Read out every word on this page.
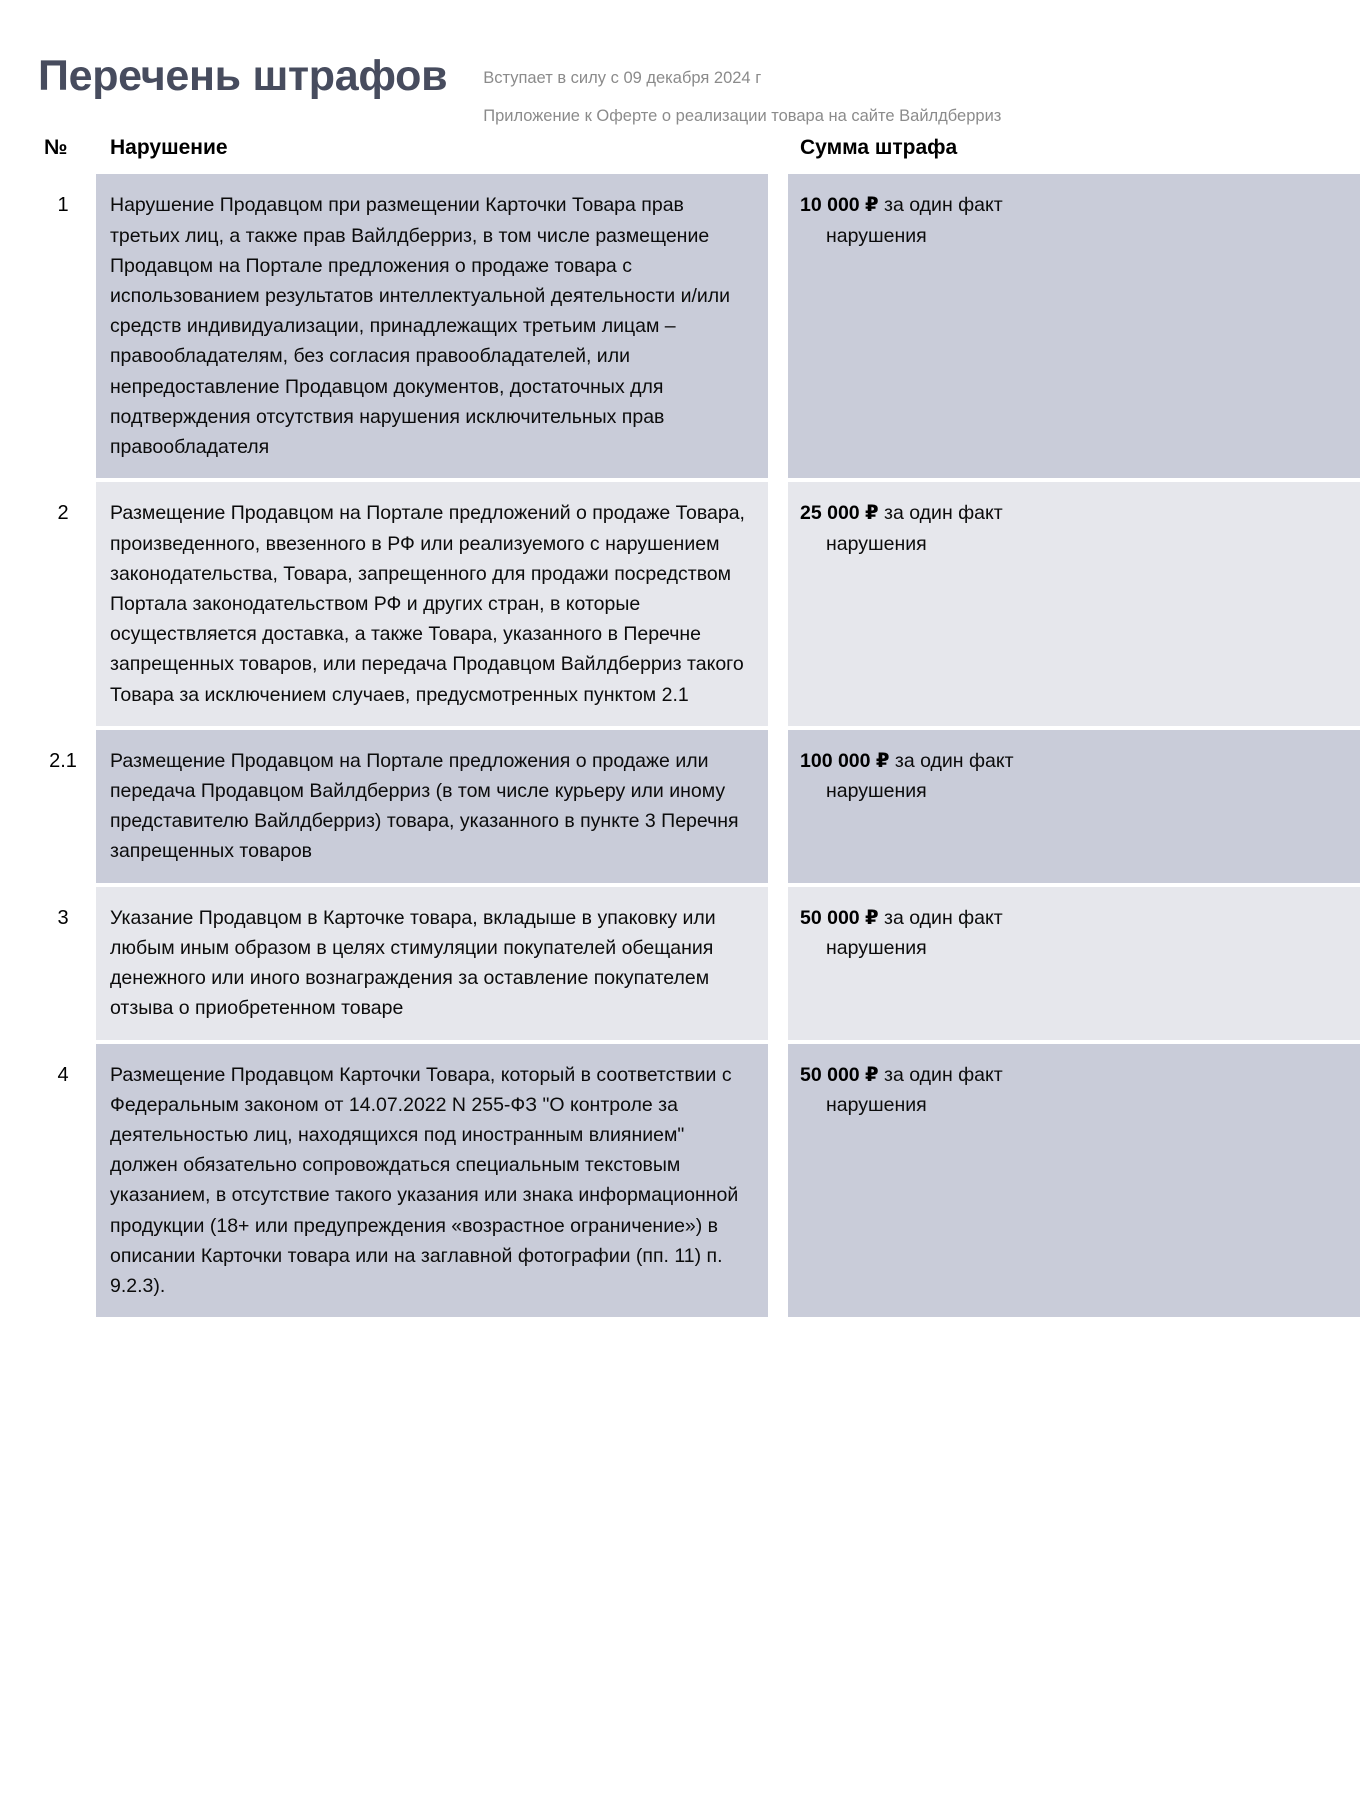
Перечень штрафов Вступает в силу с 09 декабря 2024 г

Приложение к Оферте о реализации товара на сайте Вайлдберриз

№	Нарушение		Сумма штрафа
1	Нарушение Продавцом при размещении Карточки Товара прав третьих лиц, а также прав Вайлдберриз, в том числе размещение Продавцом на Портале предложения о продаже товара с использованием результатов интеллектуальной деятельности и/или средств индивидуализации, принадлежащих третьим лицам – правообладателям, без согласия правообладателей, или непредоставление Продавцом документов, достаточных для подтверждения отсутствия нарушения исключительных прав правообладателя		10 000 ₽ за один факт
нарушения

2	Размещение Продавцом на Портале предложений о продаже Товара, произведенного, ввезенного в РФ или реализуемого с нарушением законодательства, Товара, запрещенного для продажи посредством Портала законодательством РФ и других стран, в которые осуществляется доставка, а также Товара, указанного в Перечне запрещенных товаров, или передача Продавцом Вайлдберриз такого Товара за исключением случаев, предусмотренных пунктом 2.1		25 000 ₽ за один факт
нарушения

2.1	Размещение Продавцом на Портале предложения о продаже или передача Продавцом Вайлдберриз (в том числе курьеру или иному представителю Вайлдберриз) товара, указанного в пункте 3 Перечня запрещенных товаров		100 000 ₽ за один факт
нарушения

3	Указание Продавцом в Карточке товара, вкладыше в упаковку или любым иным образом в целях стимуляции покупателей обещания денежного или иного вознаграждения за оставление покупателем отзыва о приобретенном товаре		50 000 ₽ за один факт
нарушения

4	Размещение Продавцом Карточки Товара, который в соответствии с Федеральным законом от 14.07.2022 N 255-ФЗ "О контроле за деятельностью лиц, находящихся под иностранным влиянием" должен обязательно сопровождаться специальным текстовым указанием, в отсутствие такого указания или знака информационной продукции (18+ или предупреждения «возрастное ограничение») в описании Карточки товара или на заглавной фотографии (пп. 11) п. 9.2.3).		50 000 ₽ за один факт
нарушения
